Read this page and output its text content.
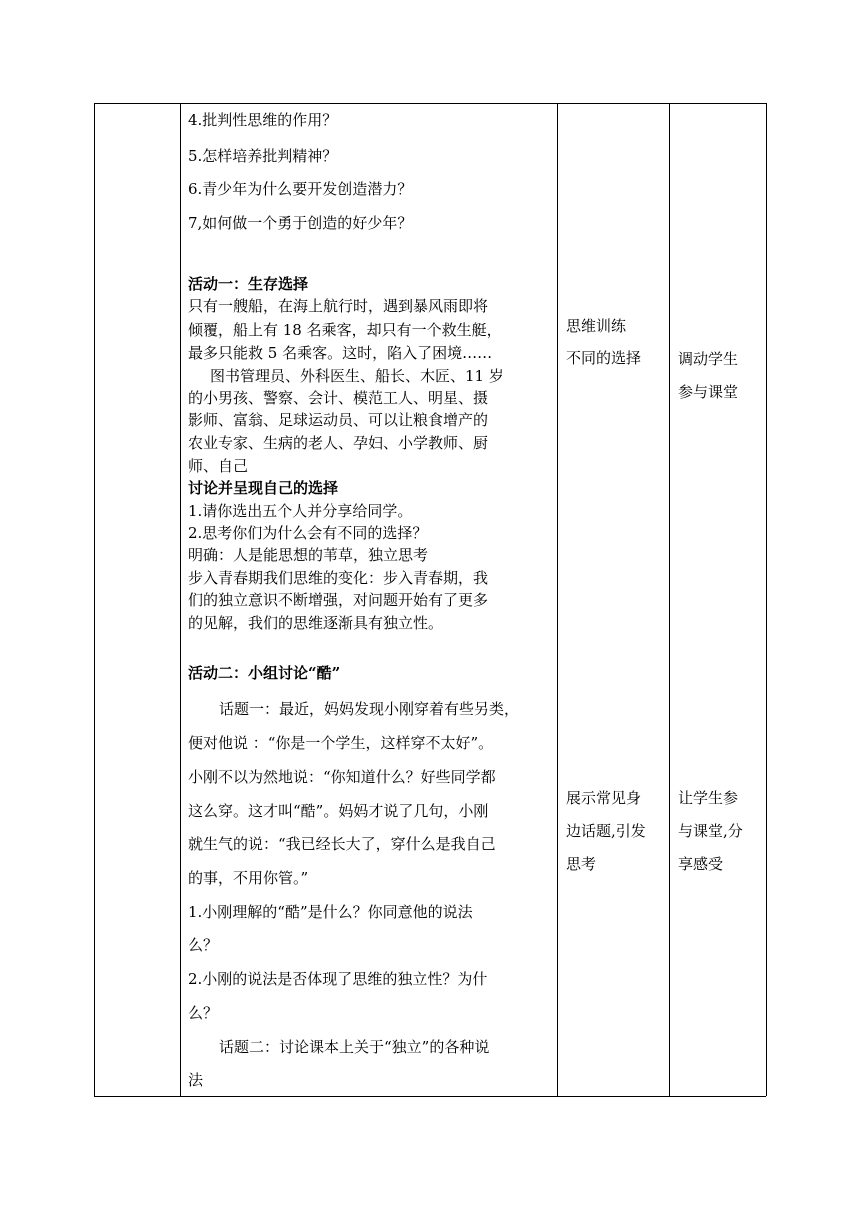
4.批判性思维的作用？
5.怎样培养批判精神？
6.青少年为什么要开发创造潜力？
7,如何做一个勇于创造的好少年？
活动一：生存选择
只有一艘船，在海上航行时，遇到暴风雨即将
倾覆，船上有 18 名乘客，却只有一个救生艇，
最多只能救 5 名乘客。这时，陷入了困境……
图书管理员、外科医生、船长、木匠、11 岁
的小男孩、警察、会计、模范工人、明星、摄
影师、富翁、足球运动员、可以让粮食增产的
农业专家、生病的老人、孕妇、小学教师、厨
师、自己
讨论并呈现自己的选择
1.请你选出五个人并分享给同学。
2.思考你们为什么会有不同的选择？
明确：人是能思想的苇草，独立思考
步入青春期我们思维的变化：步入青春期，我
们的独立意识不断增强，对问题开始有了更多
的见解，我们的思维逐渐具有独立性。
活动二：小组讨论“酷”
话题一：最近，妈妈发现小刚穿着有些另类，
便对他说 ：“你是一个学生，这样穿不太好”。
小刚不以为然地说：“你知道什么？好些同学都
这么穿。这才叫“酷”。妈妈才说了几句，小刚
就生气的说：“我已经长大了，穿什么是我自己
的事，不用你管。”
1.小刚理解的“酷”是什么？你同意他的说法
么？
2.小刚的说法是否体现了思维的独立性？为什
么？
话题二：讨论课本上关于“独立”的各种说
法
思维训练
不同的选择
展示常见身
边话题,引发
思考
调动学生
参与课堂
让学生参
与课堂,分
享感受
